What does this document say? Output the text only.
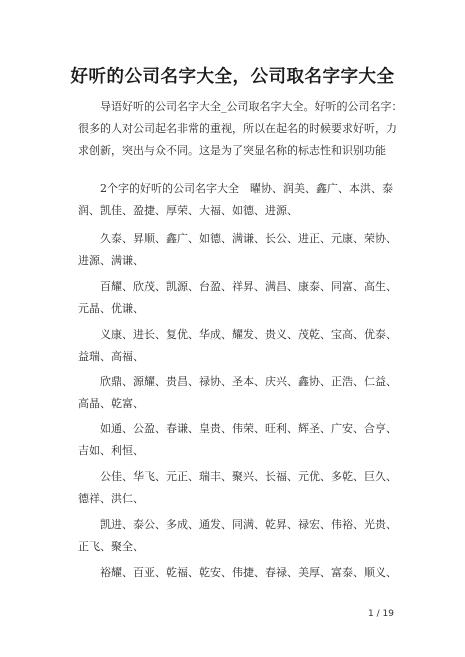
好听的公司名字大全，公司取名字字大全

导语好听的公司名字大全_公司取名字大全。好听的公司名字：
很多的人对公司起名非常的重视，所以在起名的时候要求好听，力
求创新，突出与众不同。这是为了突显名称的标志性和识别功能

2个字的好听的公司名字大全　曜协、润美、鑫广、本洪、泰
润、凯佳、盈捷、厚荣、大福、如德、进源、

久泰、昇顺、鑫广、如德、满谦、长公、进正、元康、荣协、
进源、满谦、

百耀、欣茂、凯源、台盈、祥昇、满昌、康泰、同富、高生、
元晶、优谦、

义康、进长、复优、华成、耀发、贵义、茂乾、宝高、优泰、
益瑞、高福、

欣鼎、源耀、贵昌、禄协、圣本、庆兴、鑫协、正浩、仁益、
高晶、乾富、

如通、公盈、春谦、皇贵、伟荣、旺利、辉圣、广安、合亨、
吉如、利恒、

公佳、华飞、元正、瑞丰、聚兴、长福、元优、多乾、巨久、
德祥、洪仁、

凯进、泰公、多成、通发、同满、乾昇、禄宏、伟裕、光贵、
正飞、聚全、

裕耀、百亚、乾福、乾安、伟捷、春禄、美厚、富泰、顺义、

1 / 19
